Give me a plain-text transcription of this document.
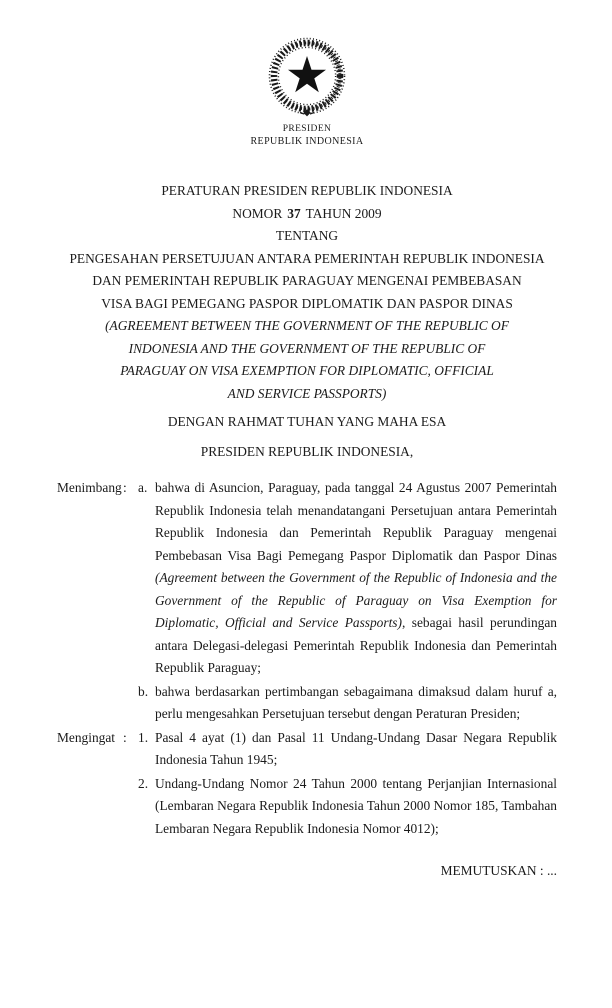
PRESIDEN
REPUBLIK INDONESIA
PERATURAN PRESIDEN REPUBLIK INDONESIA
NOMOR 37 TAHUN 2009
TENTANG
PENGESAHAN PERSETUJUAN ANTARA PEMERINTAH REPUBLIK INDONESIA
DAN PEMERINTAH REPUBLIK PARAGUAY MENGENAI PEMBEBASAN
VISA BAGI PEMEGANG PASPOR DIPLOMATIK DAN PASPOR DINAS
(AGREEMENT BETWEEN THE GOVERNMENT OF THE REPUBLIC OF
INDONESIA AND THE GOVERNMENT OF THE REPUBLIC OF
PARAGUAY ON VISA EXEMPTION FOR DIPLOMATIC, OFFICIAL
AND SERVICE PASSPORTS)
DENGAN RAHMAT TUHAN YANG MAHA ESA
PRESIDEN REPUBLIK INDONESIA,
Menimbang : a. bahwa di Asuncion, Paraguay, pada tanggal 24 Agustus 2007 Pemerintah Republik Indonesia telah menandatangani Persetujuan antara Pemerintah Republik Indonesia dan Pemerintah Republik Paraguay mengenai Pembebasan Visa Bagi Pemegang Paspor Diplomatik dan Paspor Dinas (Agreement between the Government of the Republic of Indonesia and the Government of the Republic of Paraguay on Visa Exemption for Diplomatic, Official and Service Passports), sebagai hasil perundingan antara Delegasi-delegasi Pemerintah Republik Indonesia dan Pemerintah Republik Paraguay;
b. bahwa berdasarkan pertimbangan sebagaimana dimaksud dalam huruf a, perlu mengesahkan Persetujuan tersebut dengan Peraturan Presiden;
Mengingat : 1. Pasal 4 ayat (1) dan Pasal 11 Undang-Undang Dasar Negara Republik Indonesia Tahun 1945;
2. Undang-Undang Nomor 24 Tahun 2000 tentang Perjanjian Internasional (Lembaran Negara Republik Indonesia Tahun 2000 Nomor 185, Tambahan Lembaran Negara Republik Indonesia Nomor 4012);
MEMUTUSKAN : ...
